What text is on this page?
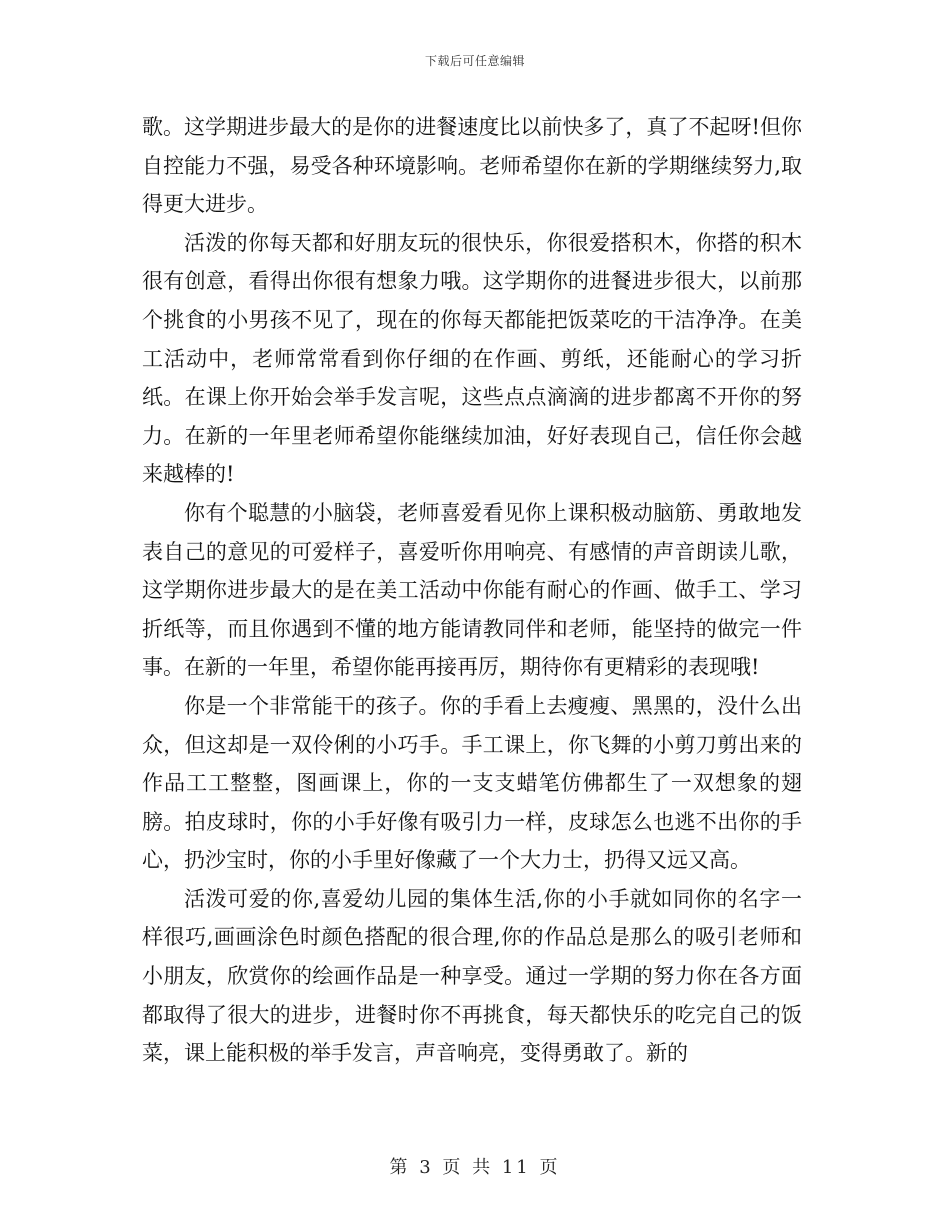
下载后可任意编辑

歌。这学期进步最大的是你的进餐速度比以前快多了，真了不起呀!但你自控能力不强，易受各种环境影响。老师希望你在新的学期继续努力,取得更大进步。

活泼的你每天都和好朋友玩的很快乐，你很爱搭积木，你搭的积木很有创意，看得出你很有想象力哦。这学期你的进餐进步很大，以前那个挑食的小男孩不见了，现在的你每天都能把饭菜吃的干洁净净。在美工活动中，老师常常看到你仔细的在作画、剪纸，还能耐心的学习折纸。在课上你开始会举手发言呢，这些点点滴滴的进步都离不开你的努力。在新的一年里老师希望你能继续加油，好好表现自己，信任你会越来越棒的!

你有个聪慧的小脑袋，老师喜爱看见你上课积极动脑筋、勇敢地发表自己的意见的可爱样子，喜爱听你用响亮、有感情的声音朗读儿歌，这学期你进步最大的是在美工活动中你能有耐心的作画、做手工、学习折纸等，而且你遇到不懂的地方能请教同伴和老师，能坚持的做完一件事。在新的一年里，希望你能再接再厉，期待你有更精彩的表现哦!

你是一个非常能干的孩子。你的手看上去瘦瘦、黑黑的，没什么出众，但这却是一双伶俐的小巧手。手工课上，你飞舞的小剪刀剪出来的作品工工整整，图画课上，你的一支支蜡笔仿佛都生了一双想象的翅膀。拍皮球时，你的小手好像有吸引力一样，皮球怎么也逃不出你的手心，扔沙宝时，你的小手里好像藏了一个大力士，扔得又远又高。

活泼可爱的你,喜爱幼儿园的集体生活,你的小手就如同你的名字一样很巧,画画涂色时颜色搭配的很合理,你的作品总是那么的吸引老师和小朋友，欣赏你的绘画作品是一种享受。通过一学期的努力你在各方面都取得了很大的进步，进餐时你不再挑食，每天都快乐的吃完自己的饭菜，课上能积极的举手发言，声音响亮，变得勇敢了。新的

第 3 页 共 11 页
